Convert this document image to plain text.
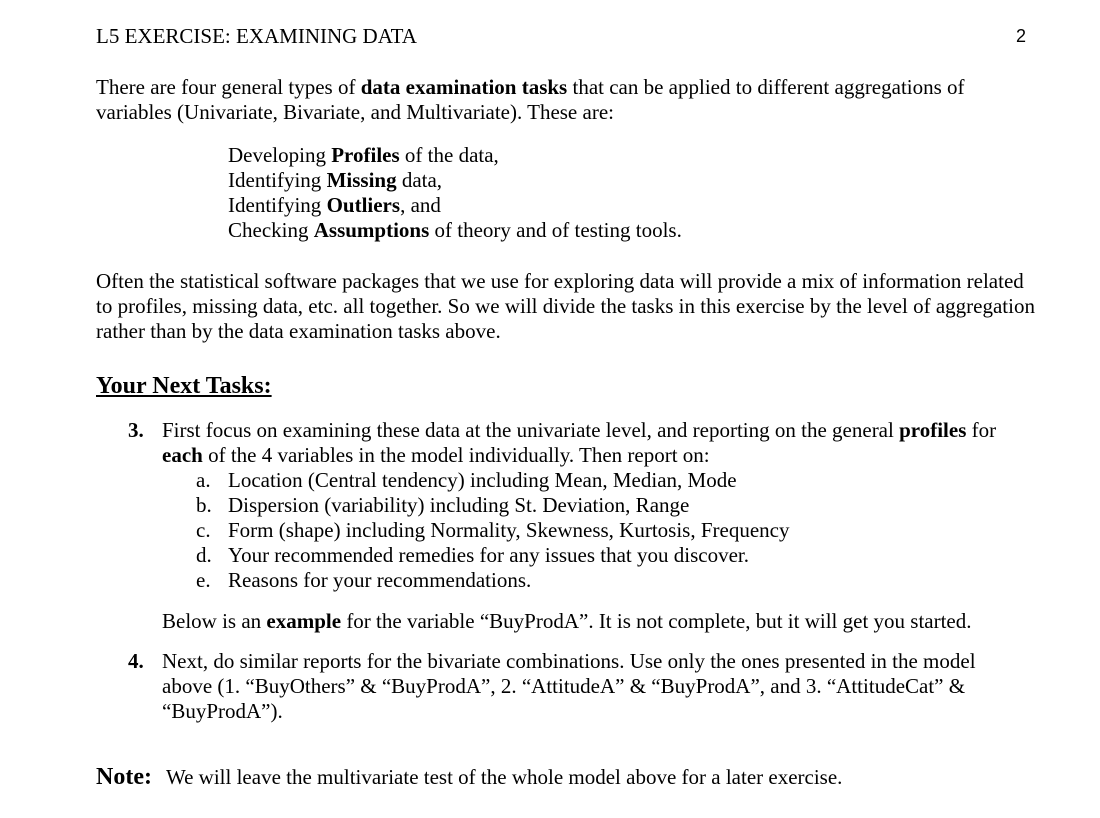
L5 EXERCISE: EXAMINING DATA	2

There are four general types of data examination tasks that can be applied to different aggregations of variables (Univariate, Bivariate, and Multivariate). These are:

Developing Profiles of the data,
Identifying Missing data,
Identifying Outliers, and
Checking Assumptions of theory and of testing tools.

Often the statistical software packages that we use for exploring data will provide a mix of information related to profiles, missing data, etc. all together. So we will divide the tasks in this exercise by the level of aggregation rather than by the data examination tasks above.

Your Next Tasks:
3. First focus on examining these data at the univariate level, and reporting on the general profiles for each of the 4 variables in the model individually. Then report on:
a. Location (Central tendency) including Mean, Median, Mode
b. Dispersion (variability) including St. Deviation, Range
c. Form (shape) including Normality, Skewness, Kurtosis, Frequency
d. Your recommended remedies for any issues that you discover.
e. Reasons for your recommendations.
Below is an example for the variable “BuyProdA”. It is not complete, but it will get you started.
4. Next, do similar reports for the bivariate combinations. Use only the ones presented in the model above (1. “BuyOthers” & “BuyProdA”, 2. “AttitudeA” & “BuyProdA”, and 3. “AttitudeCat” & “BuyProdA”).
Note: We will leave the multivariate test of the whole model above for a later exercise.
